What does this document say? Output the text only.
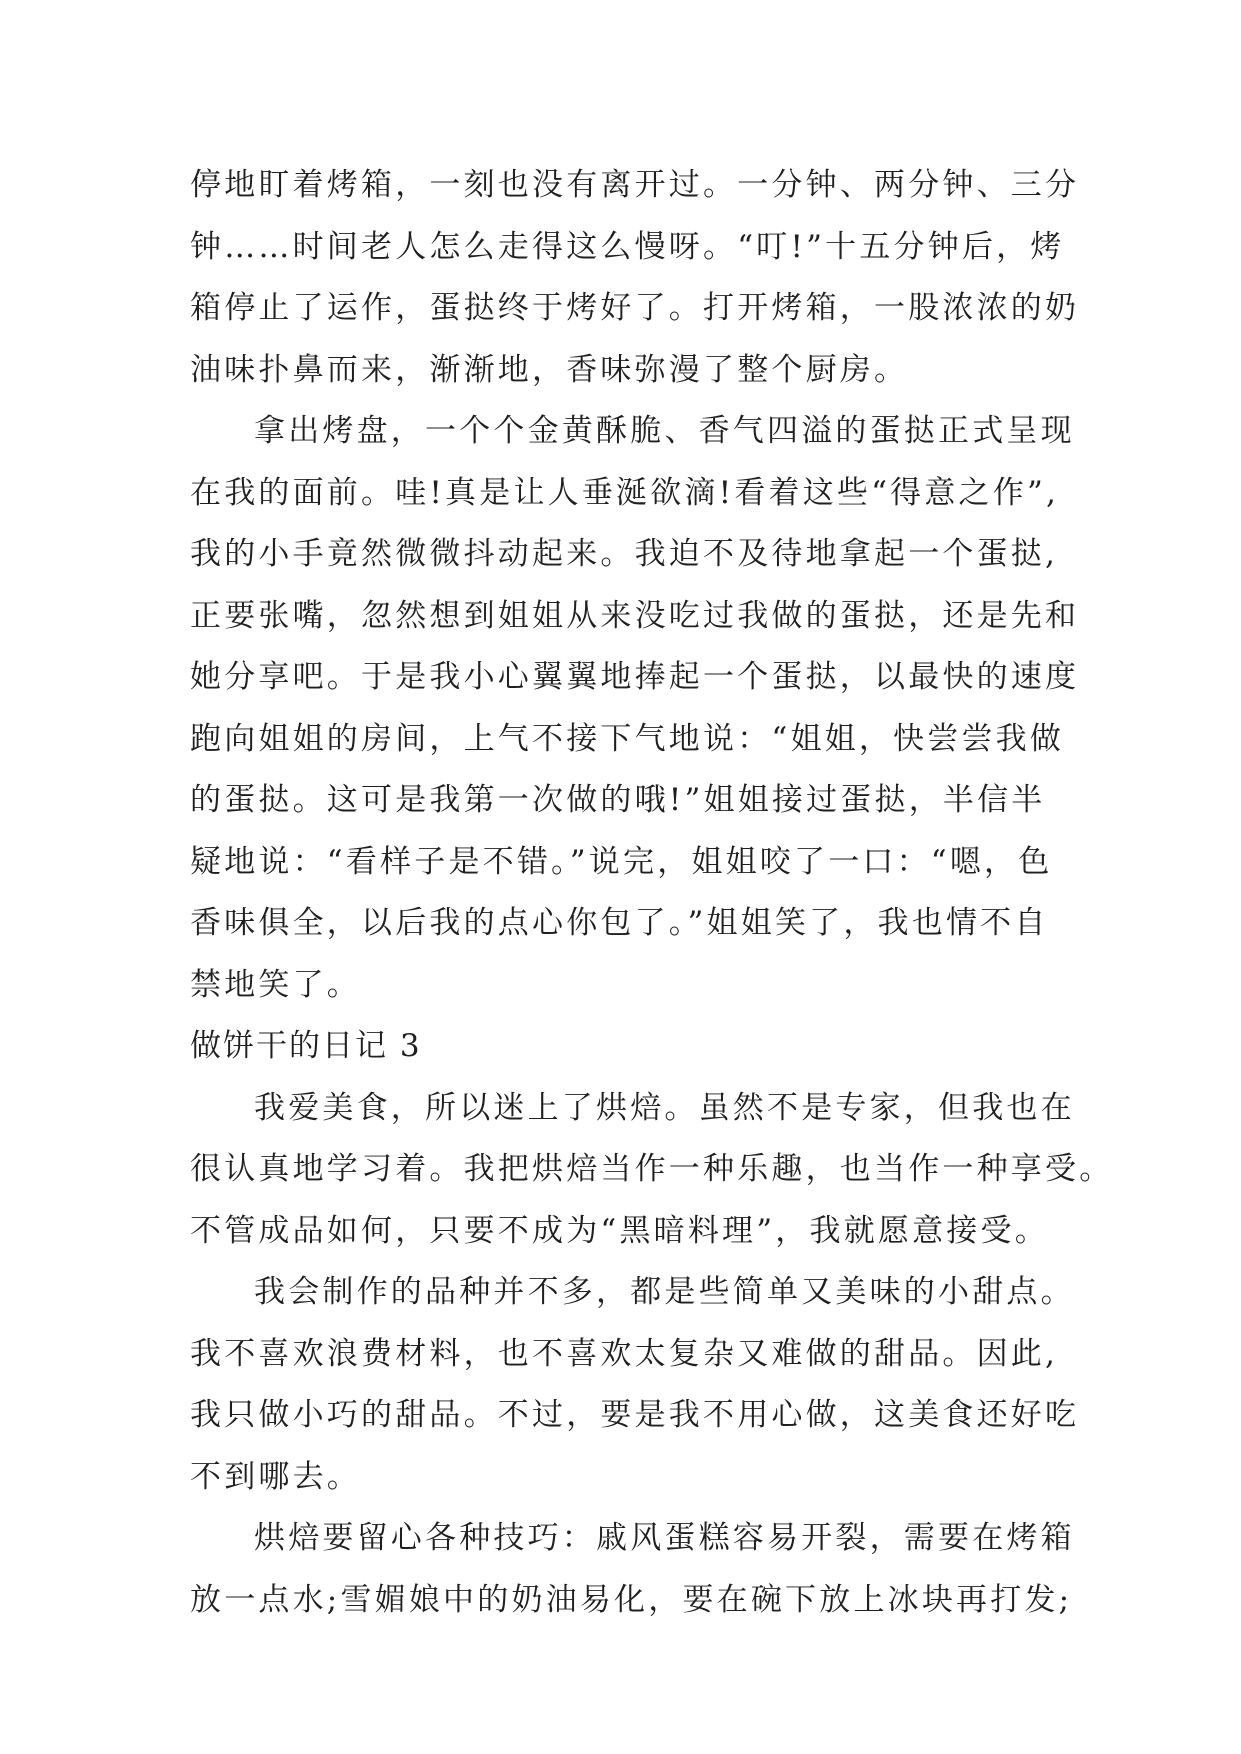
停地盯着烤箱，一刻也没有离开过。一分钟、两分钟、三分
钟……时间老人怎么走得这么慢呀。“叮!”十五分钟后，烤
箱停止了运作，蛋挞终于烤好了。打开烤箱，一股浓浓的奶
油味扑鼻而来，渐渐地，香味弥漫了整个厨房。
拿出烤盘，一个个金黄酥脆、香气四溢的蛋挞正式呈现
在我的面前。哇!真是让人垂涎欲滴!看着这些“得意之作”,
我的小手竟然微微抖动起来。我迫不及待地拿起一个蛋挞,
正要张嘴，忽然想到姐姐从来没吃过我做的蛋挞，还是先和
她分享吧。于是我小心翼翼地捧起一个蛋挞，以最快的速度
跑向姐姐的房间，上气不接下气地说：“姐姐，快尝尝我做
的蛋挞。这可是我第一次做的哦!”姐姐接过蛋挞，半信半
疑地说：“看样子是不错。”说完，姐姐咬了一口：“嗯，色
香味俱全，以后我的点心你包了。”姐姐笑了，我也情不自
禁地笑了。
做饼干的日记 3
我爱美食，所以迷上了烘焙。虽然不是专家，但我也在
很认真地学习着。我把烘焙当作一种乐趣，也当作一种享受。
不管成品如何，只要不成为“黑暗料理”，我就愿意接受。
我会制作的品种并不多，都是些简单又美味的小甜点。
我不喜欢浪费材料，也不喜欢太复杂又难做的甜品。因此,
我只做小巧的甜品。不过，要是我不用心做，这美食还好吃
不到哪去。
烘焙要留心各种技巧：戚风蛋糕容易开裂，需要在烤箱
放一点水;雪媚娘中的奶油易化，要在碗下放上冰块再打发;
